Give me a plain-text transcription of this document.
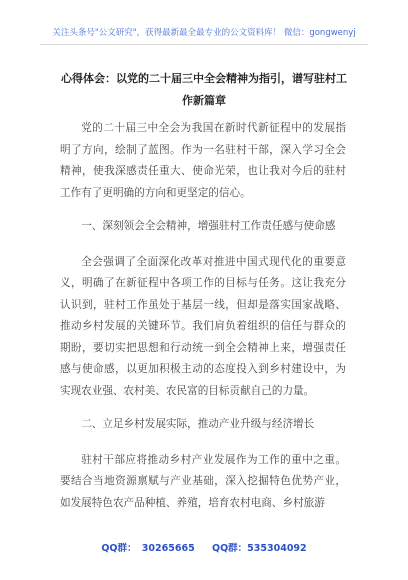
关注头条号"公文研究"，获得最新最全最专业的公文资料库！ 微信：gongwenyj
心得体会：以党的二十届三中全会精神为指引，谱写驻村工作新篇章

党的二十届三中全会为我国在新时代新征程中的发展指明了方向，绘制了蓝图。作为一名驻村干部，深入学习全会精神，使我深感责任重大、使命光荣，也让我对今后的驻村工作有了更明确的方向和更坚定的信心。

一、深刻领会全会精神，增强驻村工作责任感与使命感

全会强调了全面深化改革对推进中国式现代化的重要意义，明确了在新征程中各项工作的目标与任务。这让我充分认识到，驻村工作虽处于基层一线，但却是落实国家战略、推动乡村发展的关键环节。我们肩负着组织的信任与群众的期盼，要切实把思想和行动统一到全会精神上来，增强责任感与使命感，以更加积极主动的态度投入到乡村建设中，为实现农业强、农村美、农民富的目标贡献自己的力量。

二、立足乡村发展实际，推动产业升级与经济增长

驻村干部应将推动乡村产业发展作为工作的重中之重。要结合当地资源禀赋与产业基础，深入挖掘特色优势产业，如发展特色农产品种植、养殖，培育农村电商、乡村旅游

QQ群： 30265665 QQ群：535304092
